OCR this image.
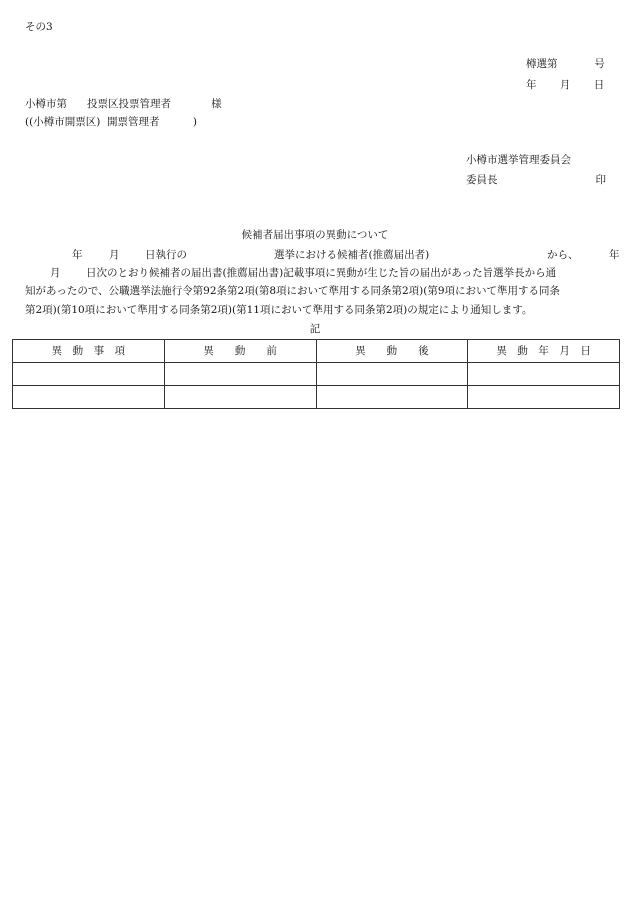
その3
樽選第	号
年 月 日
小樽市第 投票区投票管理者	様
((小樽市開票区) 開票管理者	)
小樽市選挙管理委員会
委員長	印
候補者届出事項の異動について
年	月 日執行の	選挙における候補者(推薦届出者)	から、	年
月 日次のとおり候補者の届出書(推薦届出書)記載事項に異動が生じた旨の届出があった旨選挙長から通
知があったので、公職選挙法施行令第92条第2項(第8項において準用する同条第2項)(第9項において準用する同条
第2項)(第10項において準用する同条第2項)(第11項において準用する同条第2項)の規定により通知します。
記
異　動　事　項	異　　動　　前	異　　動　　後	異　動　年　月　日
